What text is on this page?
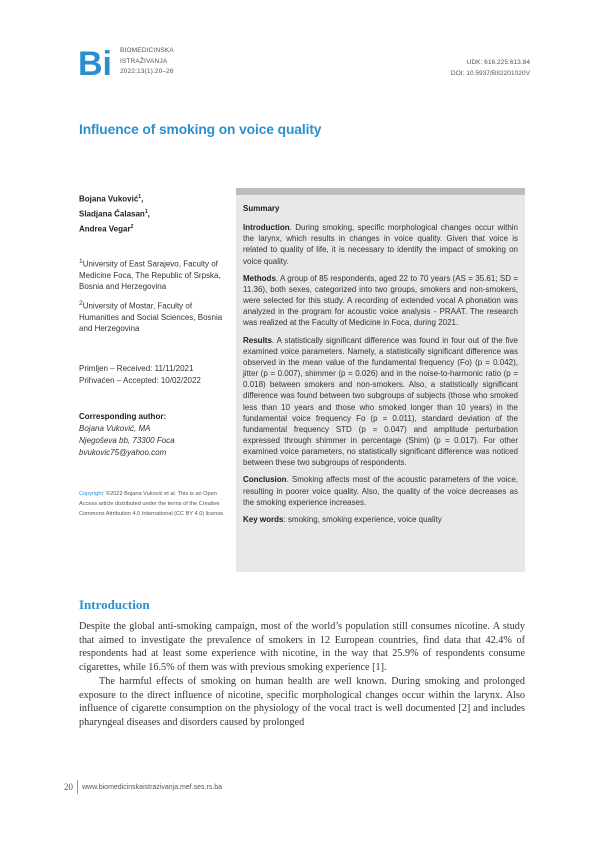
Bi BIOMEDICINSKA
ISTRAŽIVANJA
2022;13(1):20–26
UDK: 616.225:613.84
DOI: 10.5937/BII2201020V
Influence of smoking on voice quality
Bojana Vuković$^1$,
Sladjana Ćalasan$^1$,
Andrea Vegar$^2$
$^1$University of East Sarajevo, Faculty of Medicine Foca, The Republic of Srpska, Bosnia and Herzegovina
$^2$University of Mostar, Faculty of Humanities and Social Sciences, Bosnia and Herzegovina
Primljen – Received: 11/11/2021
Prihvaćen – Accepted: 10/02/2022
Corresponding author:
Bojana Vuković, MA
Njegoševa bb, 73300 Foca
bvukovic75@yahoo.com
Copyright: ©2022 Bojana Vuković et al. This is an Open Access article distributed under the terms of the Creative Commons Attribution 4.0 International (CC BY 4.0) license.
Summary

Introduction. During smoking, specific morphological changes occur within the larynx, which results in changes in voice quality. Given that voice is related to quality of life, it is necessary to identify the impact of smoking on voice quality.

Methods. A group of 85 respondents, aged 22 to 70 years (AS = 35.61; SD = 11.36), both sexes, categorized into two groups, smokers and non-smokers, were selected for this study. A recording of extended vocal A phonation was analyzed in the program for acoustic voice analysis - PRAAT. The research was realized at the Faculty of Medicine in Foca, during 2021.

Results. A statistically significant difference was found in four out of the five examined voice parameters. Namely, a statistically significant difference was observed in the mean value of the fundamental frequency (Fo) (p = 0.042), jitter (p = 0.007), shimmer (p = 0.026) and in the noise-to-harmonic ratio (p = 0.018) between smokers and non-smokers. Also, a statistically significant difference was found between two subgroups of subjects (those who smoked less than 10 years and those who smoked longer than 10 years) in the fundamental voice frequency Fo (p = 0.011), standard deviation of the fundamental frequency STD (p = 0.047) and amplitude perturbation expressed through shimmer in percentage (Shim) (p = 0.017). For other examined voice parameters, no statistically significant difference was noticed between these two subgroups of respondents.

Conclusion. Smoking affects most of the acoustic parameters of the voice, resulting in poorer voice quality. Also, the quality of the voice decreases as the smoking experience increases.

Key words: smoking, smoking experience, voice quality

Introduction

Despite the global anti-smoking campaign, most of the world’s population still consumes nicotine. A study that aimed to investigate the prevalence of smokers in 12 European countries, find data that 42.4% of respondents had at least some experience with nicotine, in the way that 25.9% of respondents consume cigarettes, while 16.5% of them was with previous smoking experience [1].

The harmful effects of smoking on human health are well known. During smoking and prolonged exposure to the direct influence of nicotine, specific morphological changes occur within the larynx. Also influence of cigarette consumption on the physiology of the vocal tract is well documented [2] and includes pharyngeal diseases and disorders caused by prolonged

20	www.biomedicinskaistrazivanja.mef.ses.rs.ba
